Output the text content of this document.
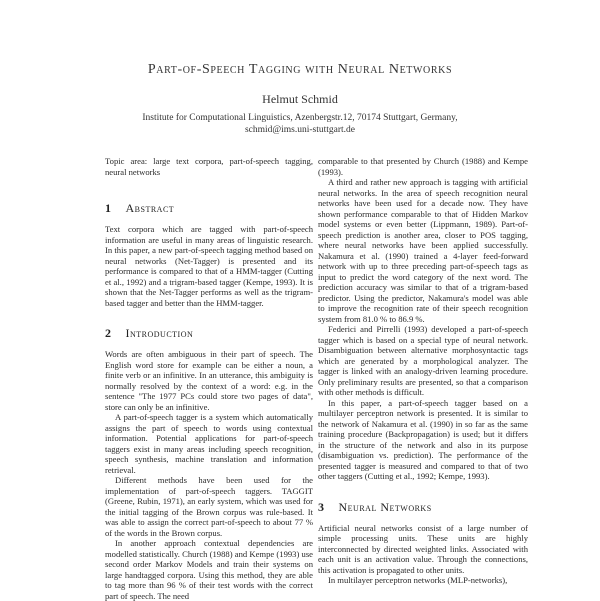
Part-of-Speech Tagging with Neural Networks
Helmut Schmid
Institute for Computational Linguistics, Azenbergstr.12, 70174 Stuttgart, Germany,
schmid@ims.uni-stuttgart.de

Topic area: large text corpora, part-of-speech tagging, neural networks

1 Abstract

Text corpora which are tagged with part-of-speech information are useful in many areas of linguistic research. In this paper, a new part-of-speech tagging method based on neural networks (Net-Tagger) is presented and its performance is compared to that of a HMM-tagger (Cutting et al., 1992) and a trigram-based tagger (Kempe, 1993). It is shown that the Net-Tagger performs as well as the trigram-based tagger and better than the HMM-tagger.

2 Introduction

Words are often ambiguous in their part of speech. The English word store for example can be either a noun, a finite verb or an infinitive. In an utterance, this ambiguity is normally resolved by the context of a word: e.g. in the sentence "The 1977 PCs could store two pages of data", store can only be an infinitive.

A part-of-speech tagger is a system which automatically assigns the part of speech to words using contextual information. Potential applications for part-of-speech taggers exist in many areas including speech recognition, speech synthesis, machine translation and information retrieval.

Different methods have been used for the implementation of part-of-speech taggers. TAGGIT (Greene, Rubin, 1971), an early system, which was used for the initial tagging of the Brown corpus was rule-based. It was able to assign the correct part-of-speech to about 77 % of the words in the Brown corpus.

In another approach contextual dependencies are modelled statistically. Church (1988) and Kempe (1993) use second order Markov Models and train their systems on large handtagged corpora. Using this method, they are able to tag more than 96 % of their test words with the correct part of speech. The need

comparable to that presented by Church (1988) and Kempe (1993).

A third and rather new approach is tagging with artificial neural networks. In the area of speech recognition neural networks have been used for a decade now. They have shown performance comparable to that of Hidden Markov model systems or even better (Lippmann, 1989). Part-of-speech prediction is another area, closer to POS tagging, where neural networks have been applied successfully. Nakamura et al. (1990) trained a 4-layer feed-forward network with up to three preceding part-of-speech tags as input to predict the word category of the next word. The prediction accuracy was similar to that of a trigram-based predictor. Using the predictor, Nakamura's model was able to improve the recognition rate of their speech recognition system from 81.0 % to 86.9 %.

Federici and Pirrelli (1993) developed a part-of-speech tagger which is based on a special type of neural network. Disambiguation between alternative morphosyntactic tags which are generated by a morphological analyzer. The tagger is linked with an analogy-driven learning procedure. Only preliminary results are presented, so that a comparison with other methods is difficult.

In this paper, a part-of-speech tagger based on a multilayer perceptron network is presented. It is similar to the network of Nakamura et al. (1990) in so far as the same training procedure (Backpropagation) is used; but it differs in the structure of the network and also in its purpose (disambiguation vs. prediction). The performance of the presented tagger is measured and compared to that of two other taggers (Cutting et al., 1992; Kempe, 1993).

3 Neural Networks

Artificial neural networks consist of a large number of simple processing units. These units are highly interconnected by directed weighted links. Associated with each unit is an activation value. Through the connections, this activation is propagated to other units.

In multilayer perceptron networks (MLP-networks),
